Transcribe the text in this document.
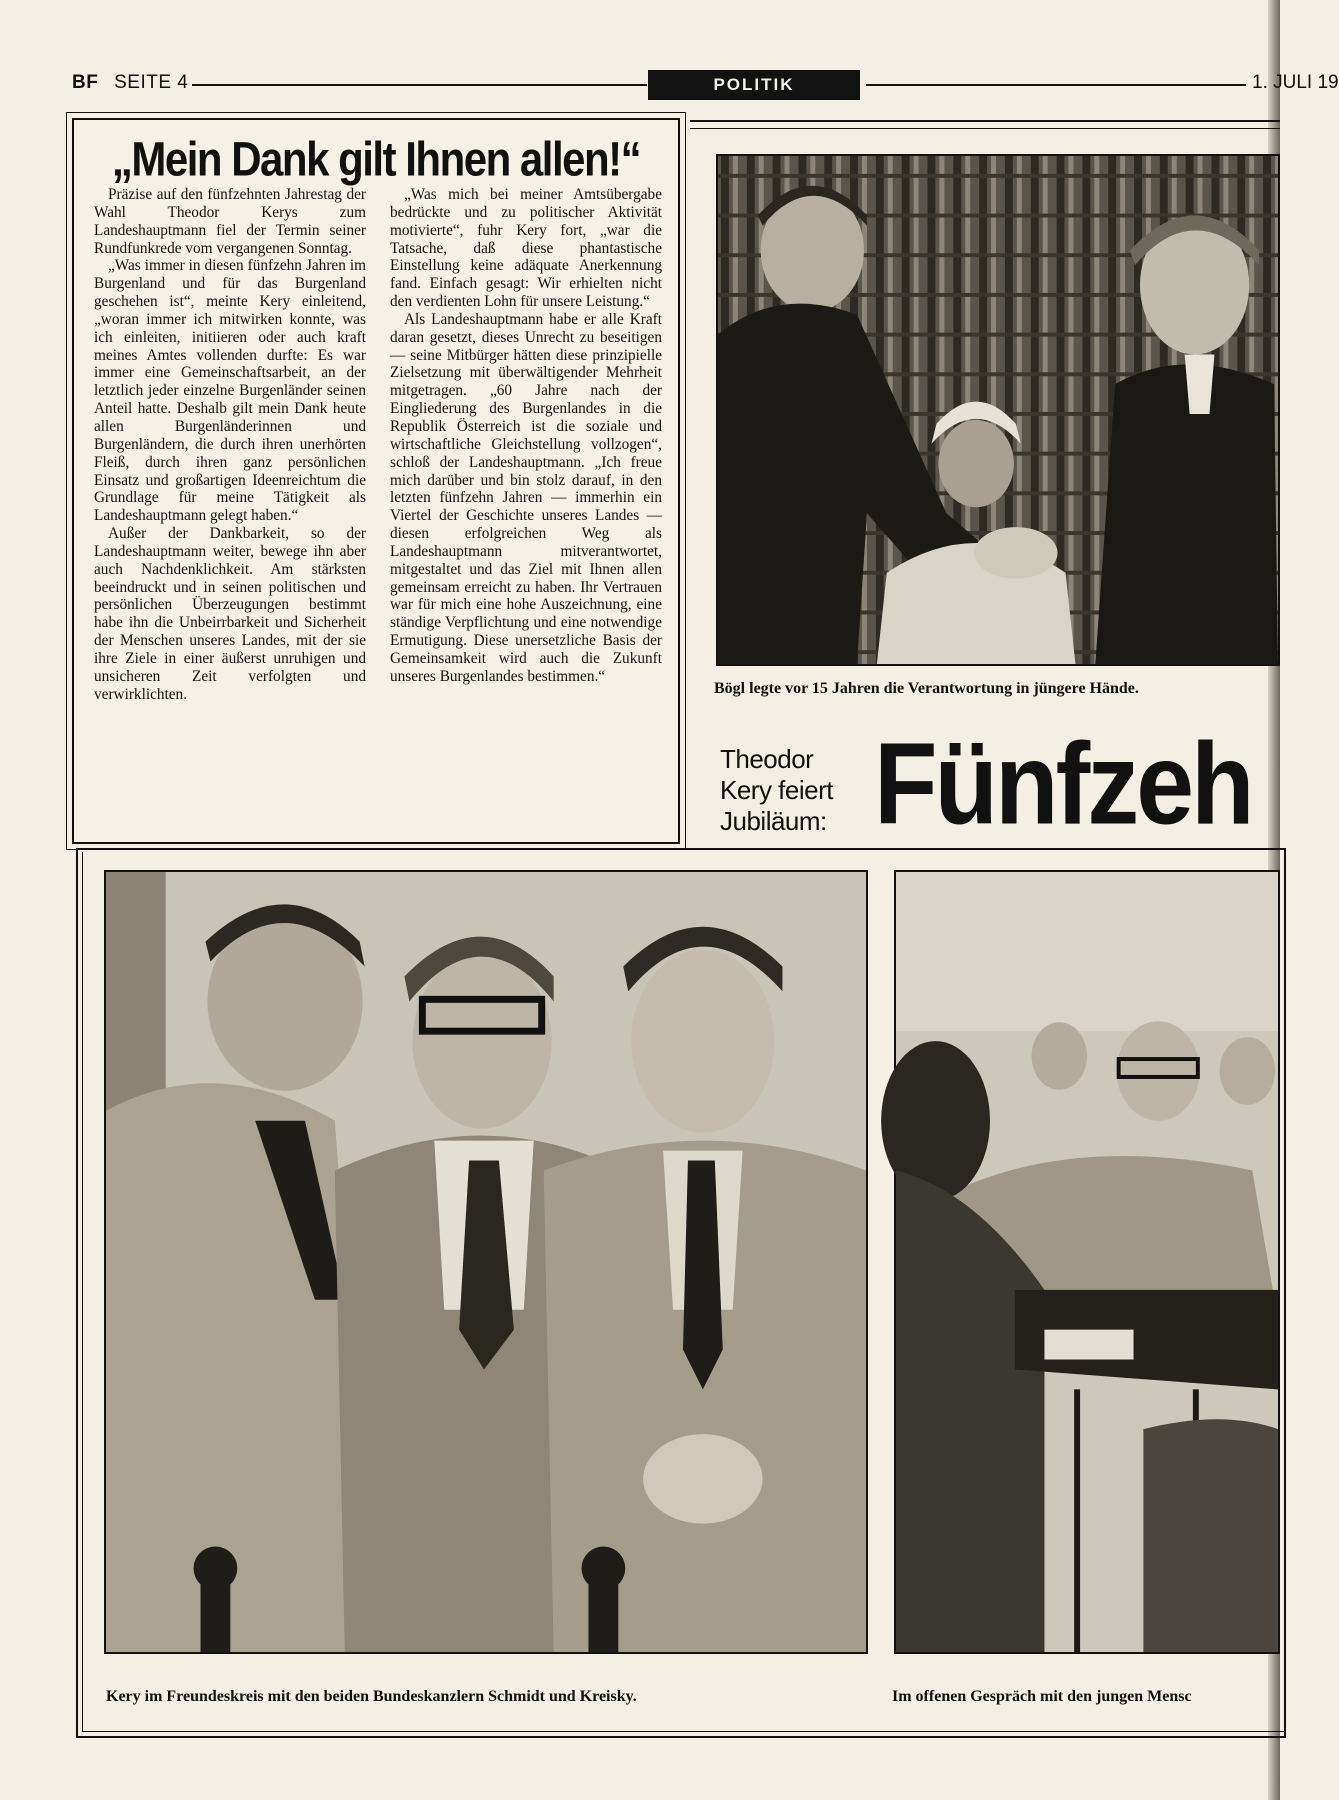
BF SEITE 4	POLITIK	1. JULI 19
„Mein Dank gilt Ihnen allen!“

Präzise auf den fünfzehnten Jahrestag der Wahl Theodor Kerys zum Landeshauptmann fiel der Termin seiner Rundfunkrede vom vergangenen Sonntag.

„Was immer in diesen fünfzehn Jahren im Burgenland und für das Burgenland geschehen ist“, meinte Kery einleitend, „woran immer ich mitwirken konnte, was ich einleiten, initiieren oder auch kraft meines Amtes vollenden durfte: Es war immer eine Gemeinschaftsarbeit, an der letztlich jeder einzelne Burgenländer seinen Anteil hatte. Deshalb gilt mein Dank heute allen Burgenländerinnen und Burgenländern, die durch ihren unerhörten Fleiß, durch ihren ganz persönlichen Einsatz und großartigen Ideenreichtum die Grundlage für meine Tätigkeit als Landeshauptmann gelegt haben.“

Außer der Dankbarkeit, so der Landeshauptmann weiter, bewege ihn aber auch Nachdenklichkeit. Am stärksten beeindruckt und in seinen politischen und persönlichen Überzeugungen bestimmt habe ihn die Unbeirrbarkeit und Sicherheit der Menschen unseres Landes, mit der sie ihre Ziele in einer äußerst unruhigen und unsicheren Zeit verfolgten und verwirklichten.

„Was mich bei meiner Amtsübergabe bedrückte und zu politischer Aktivität motivierte“, fuhr Kery fort, „war die Tatsache, daß diese phantastische Einstellung keine adäquate Anerkennung fand. Einfach gesagt: Wir erhielten nicht den verdienten Lohn für unsere Leistung.“

Als Landeshauptmann habe er alle Kraft daran gesetzt, dieses Unrecht zu beseitigen — seine Mitbürger hätten diese prinzipielle Zielsetzung mit überwältigender Mehrheit mitgetragen. „60 Jahre nach der Eingliederung des Burgenlandes in die Republik Österreich ist die soziale und wirtschaftliche Gleichstellung vollzogen“, schloß der Landeshauptmann. „Ich freue mich darüber und bin stolz darauf, in den letzten fünfzehn Jahren — immerhin ein Viertel der Geschichte unseres Landes — diesen erfolgreichen Weg als Landeshauptmann mitverantwortet, mitgestaltet und das Ziel mit Ihnen allen gemeinsam erreicht zu haben. Ihr Vertrauen war für mich eine hohe Auszeichnung, eine ständige Verpflichtung und eine notwendige Ermutigung. Diese unersetzliche Basis der Gemeinsamkeit wird auch die Zukunft unseres Burgenlandes bestimmen.“

Bögl legte vor 15 Jahren die Verantwortung in jüngere Hände.
Theodor
Kery feiert
Jubiläum: Fünfzeh
Kery im Freundeskreis mit den beiden Bundeskanzlern Schmidt und Kreisky.	Im offenen Gespräch mit den jungen Mensc
